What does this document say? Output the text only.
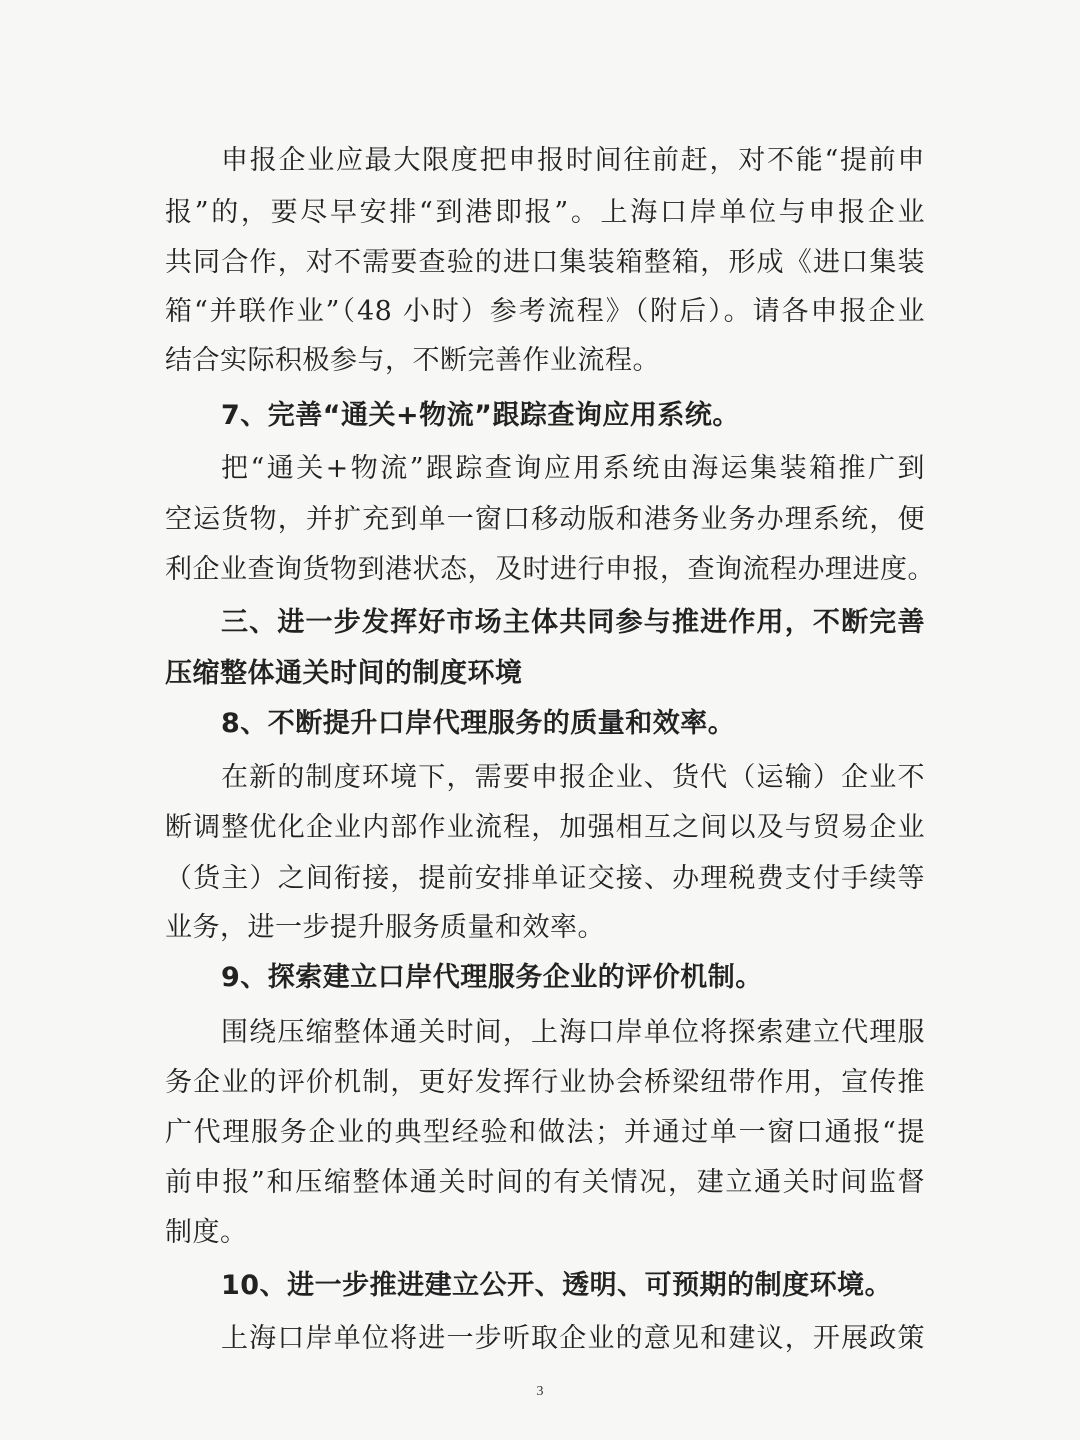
申报企业应最大限度把申报时间往前赶，对不能“提前申
报”的，要尽早安排“到港即报”。上海口岸单位与申报企业
共同合作，对不需要查验的进口集装箱整箱，形成《进口集装
箱“并联作业”（48 小时）参考流程》（附后）。请各申报企业
结合实际积极参与，不断完善作业流程。
7、完善“通关+物流”跟踪查询应用系统。
把“通关+物流”跟踪查询应用系统由海运集装箱推广到
空运货物，并扩充到单一窗口移动版和港务业务办理系统，便
利企业查询货物到港状态，及时进行申报，查询流程办理进度。
三、进一步发挥好市场主体共同参与推进作用，不断完善
压缩整体通关时间的制度环境
8、不断提升口岸代理服务的质量和效率。
在新的制度环境下，需要申报企业、货代（运输）企业不
断调整优化企业内部作业流程，加强相互之间以及与贸易企业
（货主）之间衔接，提前安排单证交接、办理税费支付手续等
业务，进一步提升服务质量和效率。
9、探索建立口岸代理服务企业的评价机制。
围绕压缩整体通关时间，上海口岸单位将探索建立代理服
务企业的评价机制，更好发挥行业协会桥梁纽带作用，宣传推
广代理服务企业的典型经验和做法；并通过单一窗口通报“提
前申报”和压缩整体通关时间的有关情况，建立通关时间监督
制度。
10、进一步推进建立公开、透明、可预期的制度环境。
上海口岸单位将进一步听取企业的意见和建议，开展政策
3
